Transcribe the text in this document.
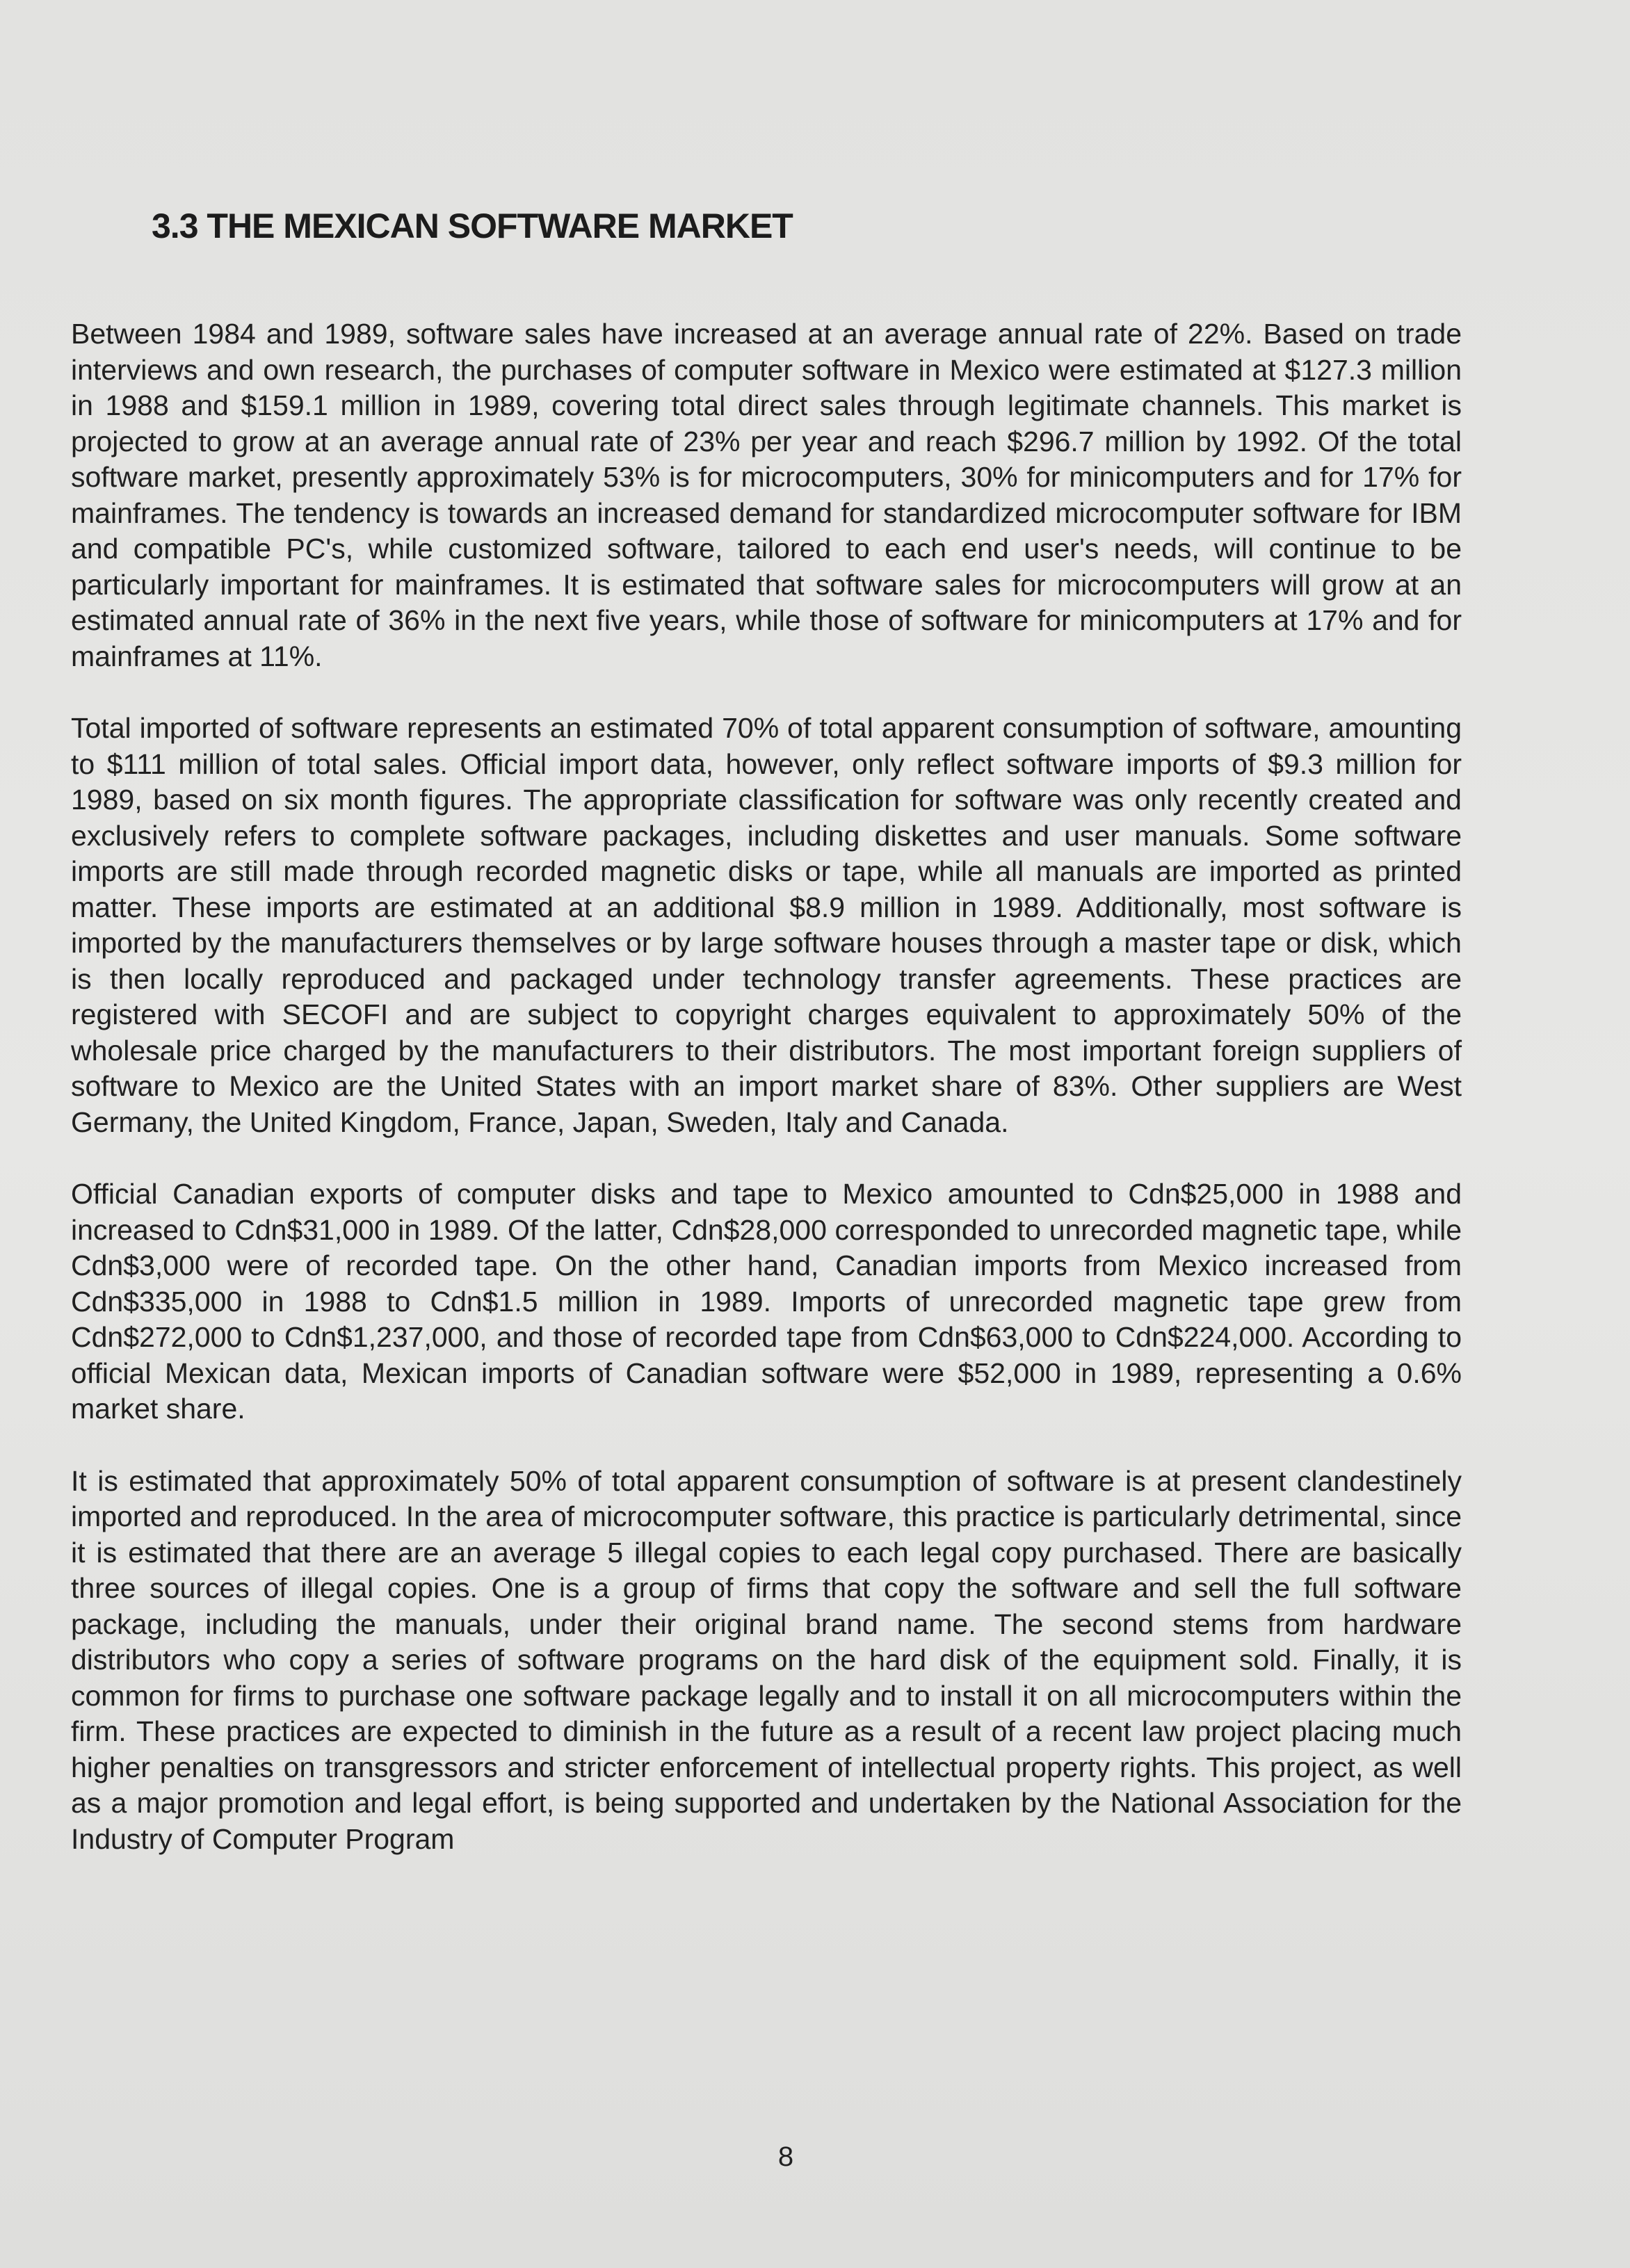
3.3 THE MEXICAN SOFTWARE MARKET

Between 1984 and 1989, software sales have increased at an average annual rate of 22%. Based on trade interviews and own research, the purchases of computer software in Mexico were estimated at $127.3 million in 1988 and $159.1 million in 1989, covering total direct sales through legitimate channels. This market is projected to grow at an average annual rate of 23% per year and reach $296.7 million by 1992. Of the total software market, presently approximately 53% is for microcomputers, 30% for minicomputers and for 17% for mainframes. The tendency is towards an increased demand for standardized microcomputer software for IBM and compatible PC's, while customized software, tailored to each end user's needs, will continue to be particularly important for mainframes. It is estimated that software sales for microcomputers will grow at an estimated annual rate of 36% in the next five years, while those of software for minicomputers at 17% and for mainframes at 11%.

Total imported of software represents an estimated 70% of total apparent consumption of software, amounting to $111 million of total sales. Official import data, however, only reflect software imports of $9.3 million for 1989, based on six month figures. The appropriate classification for software was only recently created and exclusively refers to complete software packages, including diskettes and user manuals. Some software imports are still made through recorded magnetic disks or tape, while all manuals are imported as printed matter. These imports are estimated at an additional $8.9 million in 1989. Additionally, most software is imported by the manufacturers themselves or by large software houses through a master tape or disk, which is then locally reproduced and packaged under technology transfer agreements. These practices are registered with SECOFI and are subject to copyright charges equivalent to approximately 50% of the wholesale price charged by the manufacturers to their distributors. The most important foreign suppliers of software to Mexico are the United States with an import market share of 83%. Other suppliers are West Germany, the United Kingdom, France, Japan, Sweden, Italy and Canada.

Official Canadian exports of computer disks and tape to Mexico amounted to Cdn$25,000 in 1988 and increased to Cdn$31,000 in 1989. Of the latter, Cdn$28,000 corresponded to unrecorded magnetic tape, while Cdn$3,000 were of recorded tape. On the other hand, Canadian imports from Mexico increased from Cdn$335,000 in 1988 to Cdn$1.5 million in 1989. Imports of unrecorded magnetic tape grew from Cdn$272,000 to Cdn$1,237,000, and those of recorded tape from Cdn$63,000 to Cdn$224,000. According to official Mexican data, Mexican imports of Canadian software were $52,000 in 1989, representing a 0.6% market share.

It is estimated that approximately 50% of total apparent consumption of software is at present clandestinely imported and reproduced. In the area of microcomputer software, this practice is particularly detrimental, since it is estimated that there are an average 5 illegal copies to each legal copy purchased. There are basically three sources of illegal copies. One is a group of firms that copy the software and sell the full software package, including the manuals, under their original brand name. The second stems from hardware distributors who copy a series of software programs on the hard disk of the equipment sold. Finally, it is common for firms to purchase one software package legally and to install it on all microcomputers within the firm. These practices are expected to diminish in the future as a result of a recent law project placing much higher penalties on transgressors and stricter enforcement of intellectual property rights. This project, as well as a major promotion and legal effort, is being supported and undertaken by the National Association for the Industry of Computer Program

8
